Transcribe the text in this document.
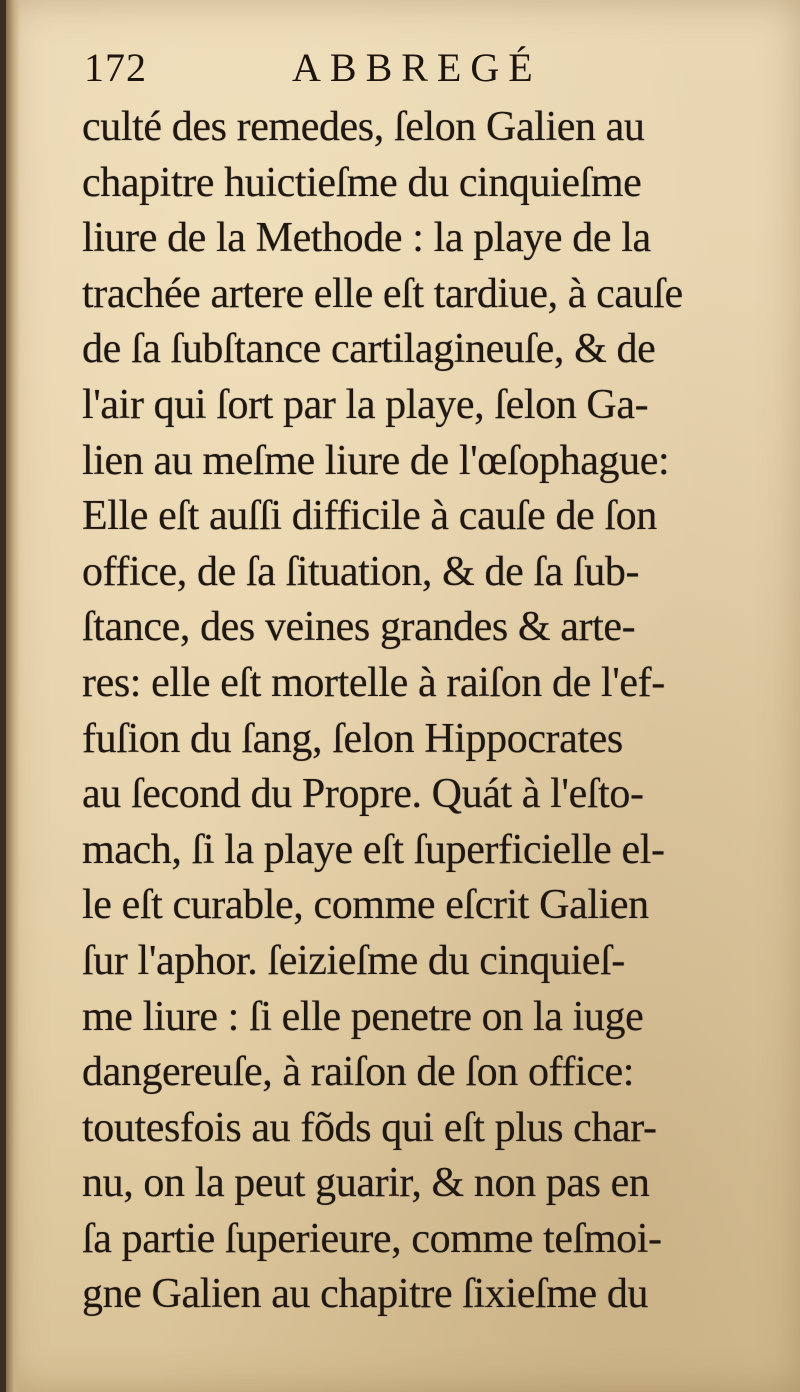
172	ABBREGÉ
culté des remedes, ſelon Galien au
chapitre huictieſme du cinquieſme
liure de la Methode : la playe de la
trachée artere elle eſt tardiue, à cauſe
de ſa ſubſtance cartilagineuſe, & de
l'air qui ſort par la playe, ſelon Ga-
lien au meſme liure de l'œſophague:
Elle eſt auſſi difficile à cauſe de ſon
office, de ſa ſituation, & de ſa ſub-
ſtance, des veines grandes & arte-
res: elle eſt mortelle à raiſon de l'ef-
fuſion du ſang, ſelon Hippocrates
au ſecond du Propre. Quát à l'eſto-
mach, ſi la playe eſt ſuperficielle el-
le eſt curable, comme eſcrit Galien
ſur l'aphor. ſeizieſme du cinquieſ-
me liure : ſi elle penetre on la iuge
dangereuſe, à raiſon de ſon office:
toutesfois au fõds qui eſt plus char-
nu, on la peut guarir, & non pas en
ſa partie ſuperieure, comme teſmoi-
gne Galien au chapitre ſixieſme du
